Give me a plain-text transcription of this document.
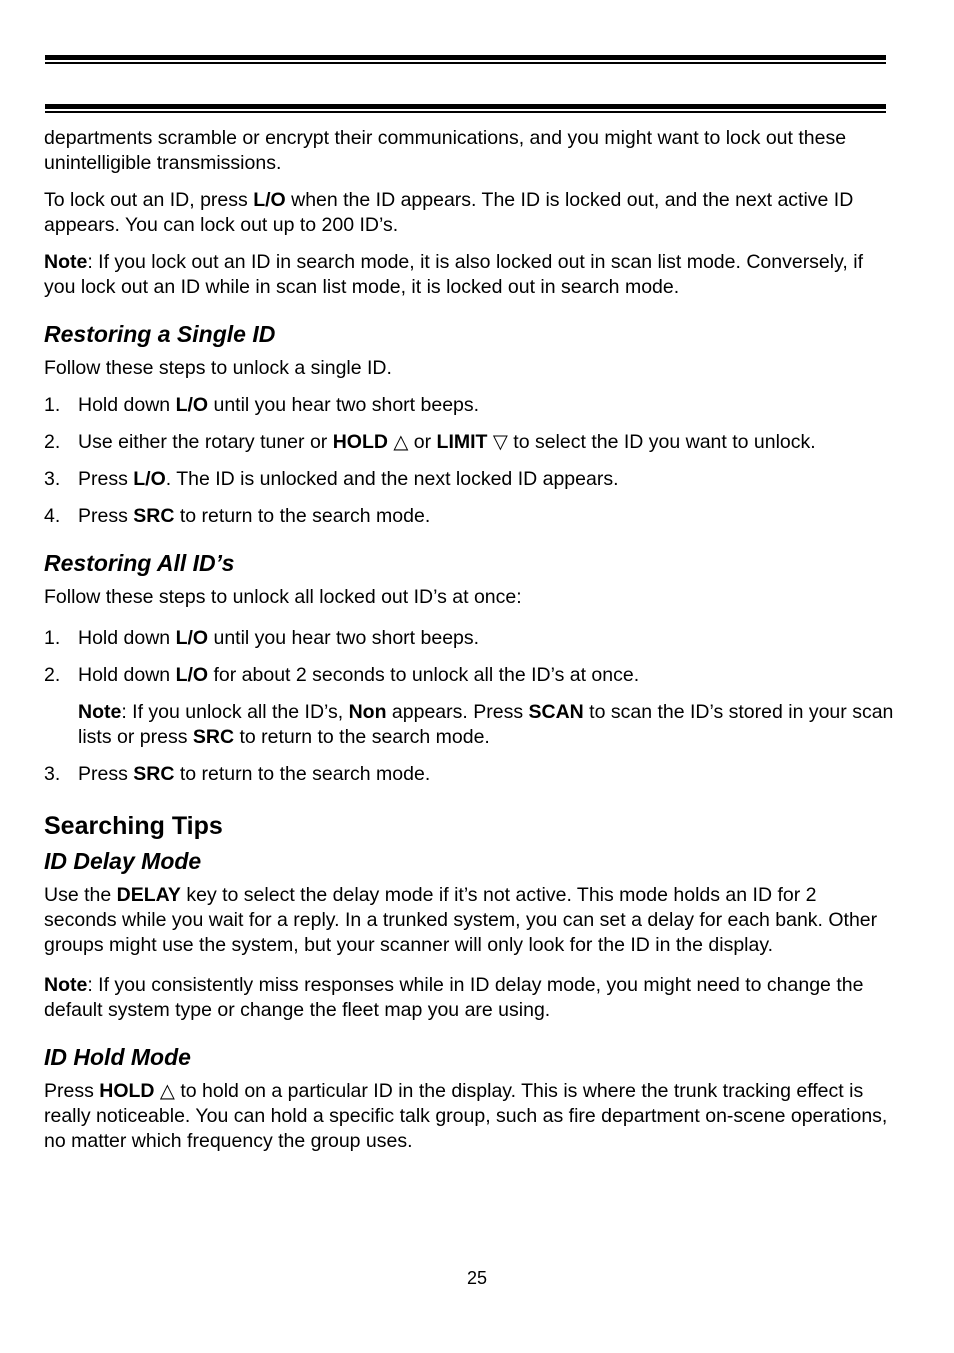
departments scramble or encrypt their communications, and you might want to lock out these unintelligible transmissions.

To lock out an ID, press L/O when the ID appears. The ID is locked out, and the next active ID appears. You can lock out up to 200 ID’s.

Note: If you lock out an ID in search mode, it is also locked out in scan list mode. Conversely, if you lock out an ID while in scan list mode, it is locked out in search mode.

Restoring a Single ID

Follow these steps to unlock a single ID.

1. Hold down L/O until you hear two short beeps.
2. Use either the rotary tuner or HOLD △ or LIMIT ▽ to select the ID you want to unlock.
3. Press L/O. The ID is unlocked and the next locked ID appears.
4. Press SRC to return to the search mode.
Restoring All ID’s

Follow these steps to unlock all locked out ID’s at once:

1. Hold down L/O until you hear two short beeps.
2. Hold down L/O for about 2 seconds to unlock all the ID’s at once.

Note: If you unlock all the ID’s, Non appears. Press SCAN to scan the ID’s stored in your scan lists or press SRC to return to the search mode.

3. Press SRC to return to the search mode.
Searching Tips
ID Delay Mode

Use the DELAY key to select the delay mode if it’s not active. This mode holds an ID for 2 seconds while you wait for a reply. In a trunked system, you can set a delay for each bank. Other groups might use the system, but your scanner will only look for the ID in the display.

Note: If you consistently miss responses while in ID delay mode, you might need to change the default system type or change the fleet map you are using.

ID Hold Mode

Press HOLD △ to hold on a particular ID in the display. This is where the trunk tracking effect is really noticeable. You can hold a specific talk group, such as fire department on-scene operations, no matter which frequency the group uses.

25
